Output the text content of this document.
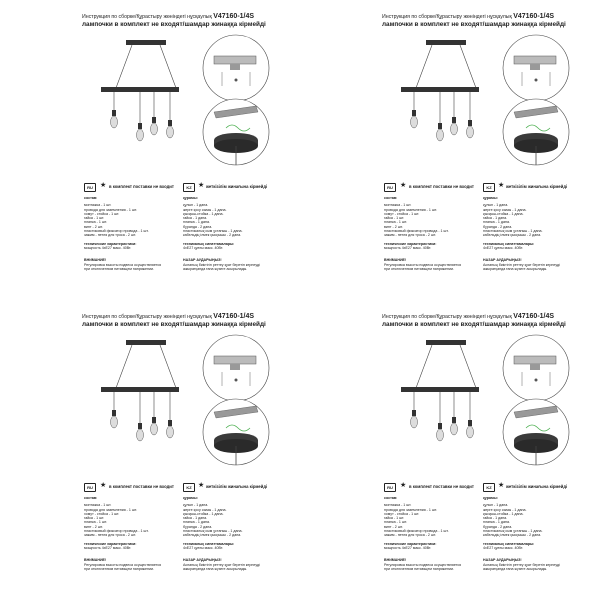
Инструкция по сборке/Құрастыру жөніндегі нұсқаулық V47160-1/4S
лампочки в комплект не входят/шамдар жинаққа кірмейді
RU	★ в комплект поставки не входит	KZ ★ жеткізілім жинағына кірмейді
состав:
монтажка - 1 шт.
провода для заземления - 1 шт.
хомут - стойка - 1 шт.
гайка - 1 шт.
планка - 1 шт.
винт - 2 шт.
пластиковый фиксатор провода - 1 шт.
зажим - петля для троса - 2 шт.
технические характеристики:
мощность 4xE27 макс. 40Вт.
ВНИМАНИЕ!
Регулировка высоты подвеса осуществляется
при отключенном питающем напряжении.
құрамы:
құлып - 1 дана.
жерге қосу сымы - 1 дана.
қысқыш-стойка - 1 дана.
гайка - 1 дана.
планка - 1 дана.
бұрандa - 2 дана.
пластикалық сым ұстағыш - 1 дана.
кабельдің ілмек қысқышы - 2 дана.
техникалық сипаттамалары:
4xE27 қуаты макс. 40Вт.
НАЗАР АУДАРЫҢЫЗ!
Аспаның биіктігін реттеу қуат беретін кернеуді
ажыратқанда ғана жүзеге асырылады.
Инструкция по сборке/Құрастыру жөніндегі нұсқаулық V47160-1/4S
лампочки в комплект не входят/шамдар жинаққа кірмейді
RU	★ в комплект поставки не входит	KZ ★ жеткізілім жинағына кірмейді
состав:
монтажка - 1 шт.
провода для заземления - 1 шт.
хомут - стойка - 1 шт.
гайка - 1 шт.
планка - 1 шт.
винт - 2 шт.
пластиковый фиксатор провода - 1 шт.
зажим - петля для троса - 2 шт.
технические характеристики:
мощность 4xE27 макс. 40Вт.
ВНИМАНИЕ!
Регулировка высоты подвеса осуществляется
при отключенном питающем напряжении.
құрамы:
құлып - 1 дана.
жерге қосу сымы - 1 дана.
қысқыш-стойка - 1 дана.
гайка - 1 дана.
планка - 1 дана.
бұрандa - 2 дана.
пластикалық сым ұстағыш - 1 дана.
кабельдің ілмек қысқышы - 2 дана.
техникалық сипаттамалары:
4xE27 қуаты макс. 40Вт.
НАЗАР АУДАРЫҢЫЗ!
Аспаның биіктігін реттеу қуат беретін кернеуді
ажыратқанда ғана жүзеге асырылады.
Инструкция по сборке/Құрастыру жөніндегі нұсқаулық V47160-1/4S
лампочки в комплект не входят/шамдар жинаққа кірмейді
RU	★ в комплект поставки не входит	KZ ★ жеткізілім жинағына кірмейді
состав:
монтажка - 1 шт.
провода для заземления - 1 шт.
хомут - стойка - 1 шт.
гайка - 1 шт.
планка - 1 шт.
винт - 2 шт.
пластиковый фиксатор провода - 1 шт.
зажим - петля для троса - 2 шт.
технические характеристики:
мощность 4xE27 макс. 40Вт.
ВНИМАНИЕ!
Регулировка высоты подвеса осуществляется
при отключенном питающем напряжении.
құрамы:
құлып - 1 дана.
жерге қосу сымы - 1 дана.
қысқыш-стойка - 1 дана.
гайка - 1 дана.
планка - 1 дана.
бұрандa - 2 дана.
пластикалық сым ұстағыш - 1 дана.
кабельдің ілмек қысқышы - 2 дана.
техникалық сипаттамалары:
4xE27 қуаты макс. 40Вт.
НАЗАР АУДАРЫҢЫЗ!
Аспаның биіктігін реттеу қуат беретін кернеуді
ажыратқанда ғана жүзеге асырылады.
Инструкция по сборке/Құрастыру жөніндегі нұсқаулық V47160-1/4S
лампочки в комплект не входят/шамдар жинаққа кірмейді
RU	★ в комплект поставки не входит	KZ ★ жеткізілім жинағына кірмейді
состав:
монтажка - 1 шт.
провода для заземления - 1 шт.
хомут - стойка - 1 шт.
гайка - 1 шт.
планка - 1 шт.
винт - 2 шт.
пластиковый фиксатор провода - 1 шт.
зажим - петля для троса - 2 шт.
технические характеристики:
мощность 4xE27 макс. 40Вт.
ВНИМАНИЕ!
Регулировка высоты подвеса осуществляется
при отключенном питающем напряжении.
құрамы:
құлып - 1 дана.
жерге қосу сымы - 1 дана.
қысқыш-стойка - 1 дана.
гайка - 1 дана.
планка - 1 дана.
бұрандa - 2 дана.
пластикалық сым ұстағыш - 1 дана.
кабельдің ілмек қысқышы - 2 дана.
техникалық сипаттамалары:
4xE27 қуаты макс. 40Вт.
НАЗАР АУДАРЫҢЫЗ!
Аспаның биіктігін реттеу қуат беретін кернеуді
ажыратқанда ғана жүзеге асырылады.
